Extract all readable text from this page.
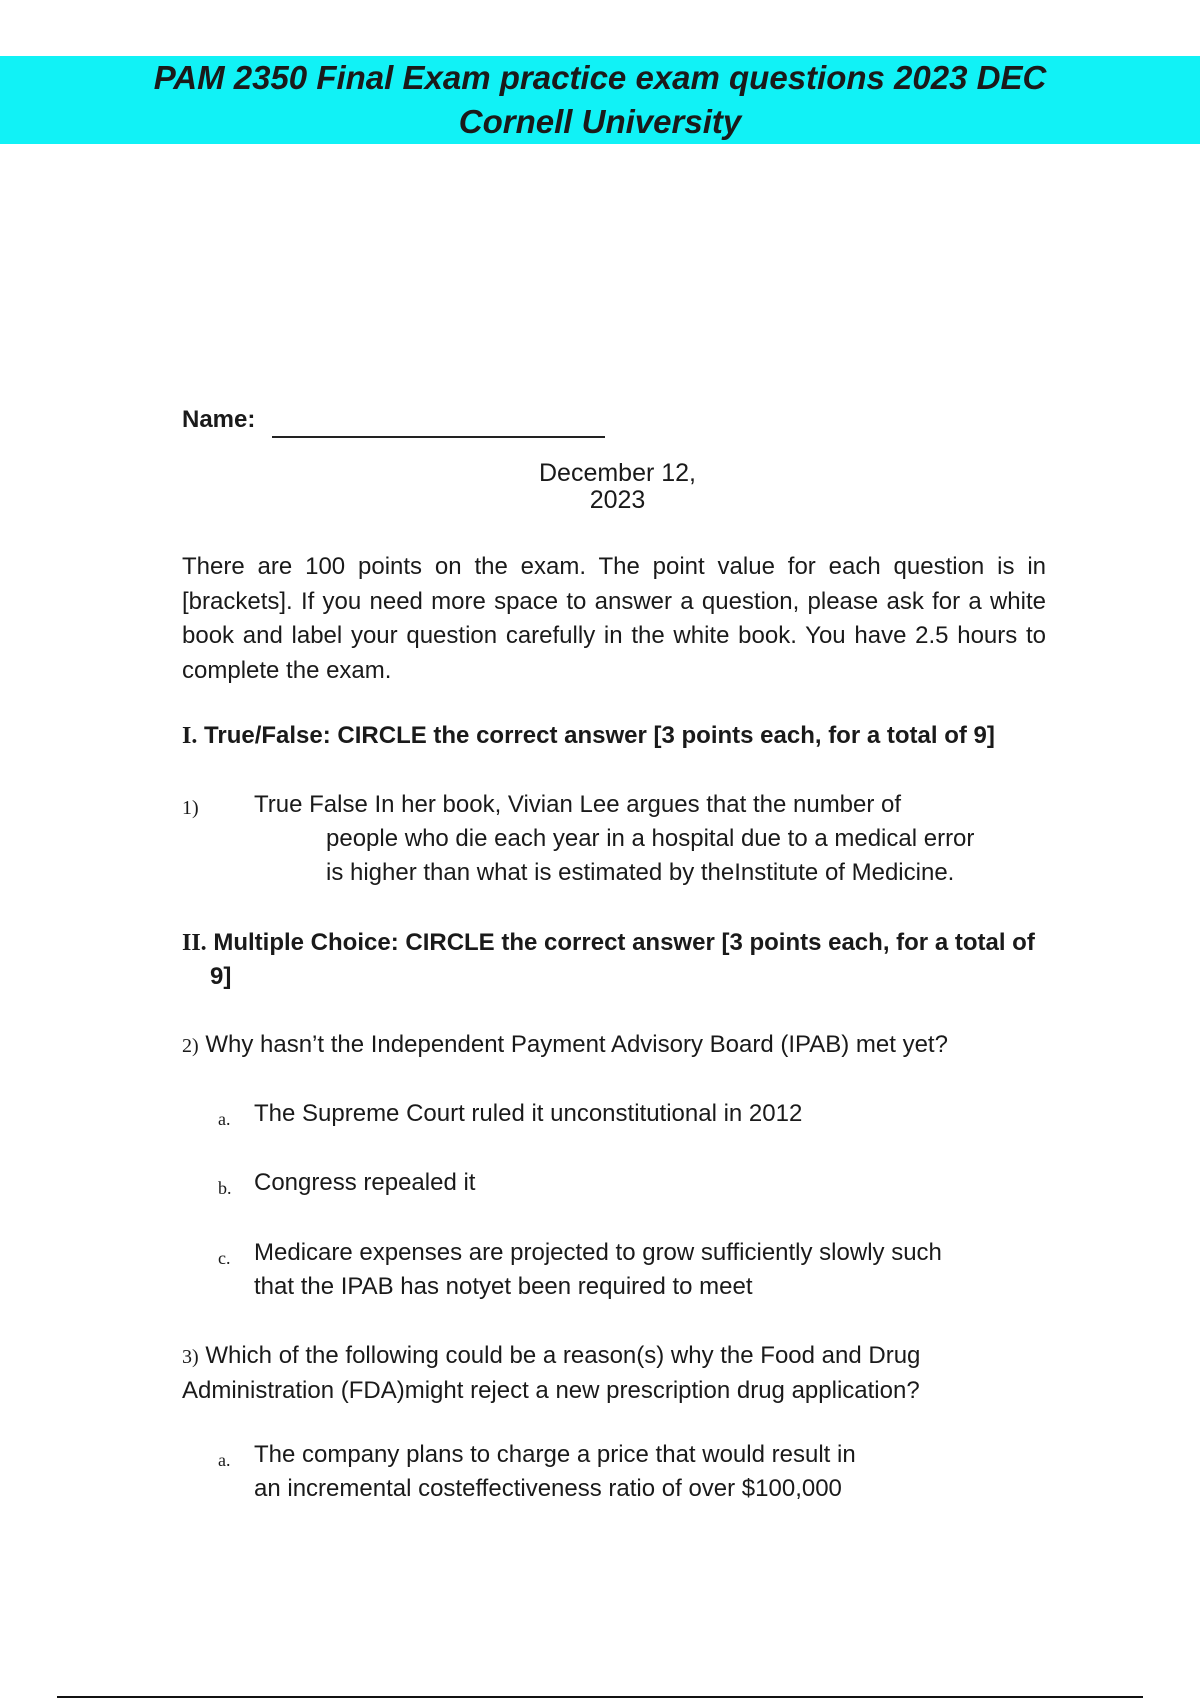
PAM 2350 Final Exam practice exam questions 2023 DEC
Cornell University
Name:
December 12,
2023
There are 100 points on the exam. The point value for each question is in [brackets]. If you need more space to answer a question, please ask for a white book and label your question carefully in the white book. You have 2.5 hours to complete the exam.
I. True/False: CIRCLE the correct answer [3 points each, for a total of 9]
1) True False In her book, Vivian Lee argues that the number of
people who die each year in a hospital due to a medical error
is higher than what is estimated by theInstitute of Medicine.
II. Multiple Choice: CIRCLE the correct answer [3 points each, for a total of
9]
2) Why hasn’t the Independent Payment Advisory Board (IPAB) met yet?
a. The Supreme Court ruled it unconstitutional in 2012
b. Congress repealed it
c. Medicare expenses are projected to grow sufficiently slowly such
that the IPAB has notyet been required to meet
3) Which of the following could be a reason(s) why the Food and Drug
Administration (FDA)might reject a new prescription drug application?
a. The company plans to charge a price that would result in
an incremental costeffectiveness ratio of over $100,000
